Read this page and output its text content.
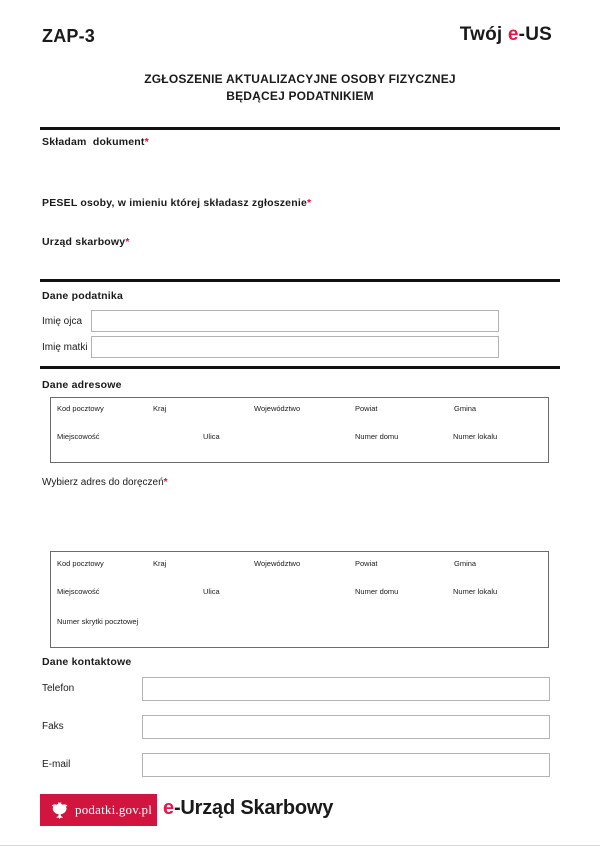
ZAP-3	Twój e-US
ZGŁOSZENIE AKTUALIZACYJNE OSOBY FIZYCZNEJ
BĘDĄCEJ PODATNIKIEM
Składam  dokument*
PESEL osoby, w imieniu której składasz zgłoszenie*
Urząd skarbowy*
Dane podatnika
Imię ojca
Imię matki
Dane adresowe
Kod pocztowy	Kraj	Województwo	Powiat	Gmina
Miejscowość	Ulica	Numer domu	Numer lokalu
Wybierz adres do doręczeń*
Kod pocztowy	Kraj	Województwo	Powiat	Gmina
Miejscowość	Ulica	Numer domu	Numer lokalu
Numer skrytki pocztowej
Dane kontaktowe
Telefon
Faks
E-mail
podatki.gov.pl e-Urząd Skarbowy
